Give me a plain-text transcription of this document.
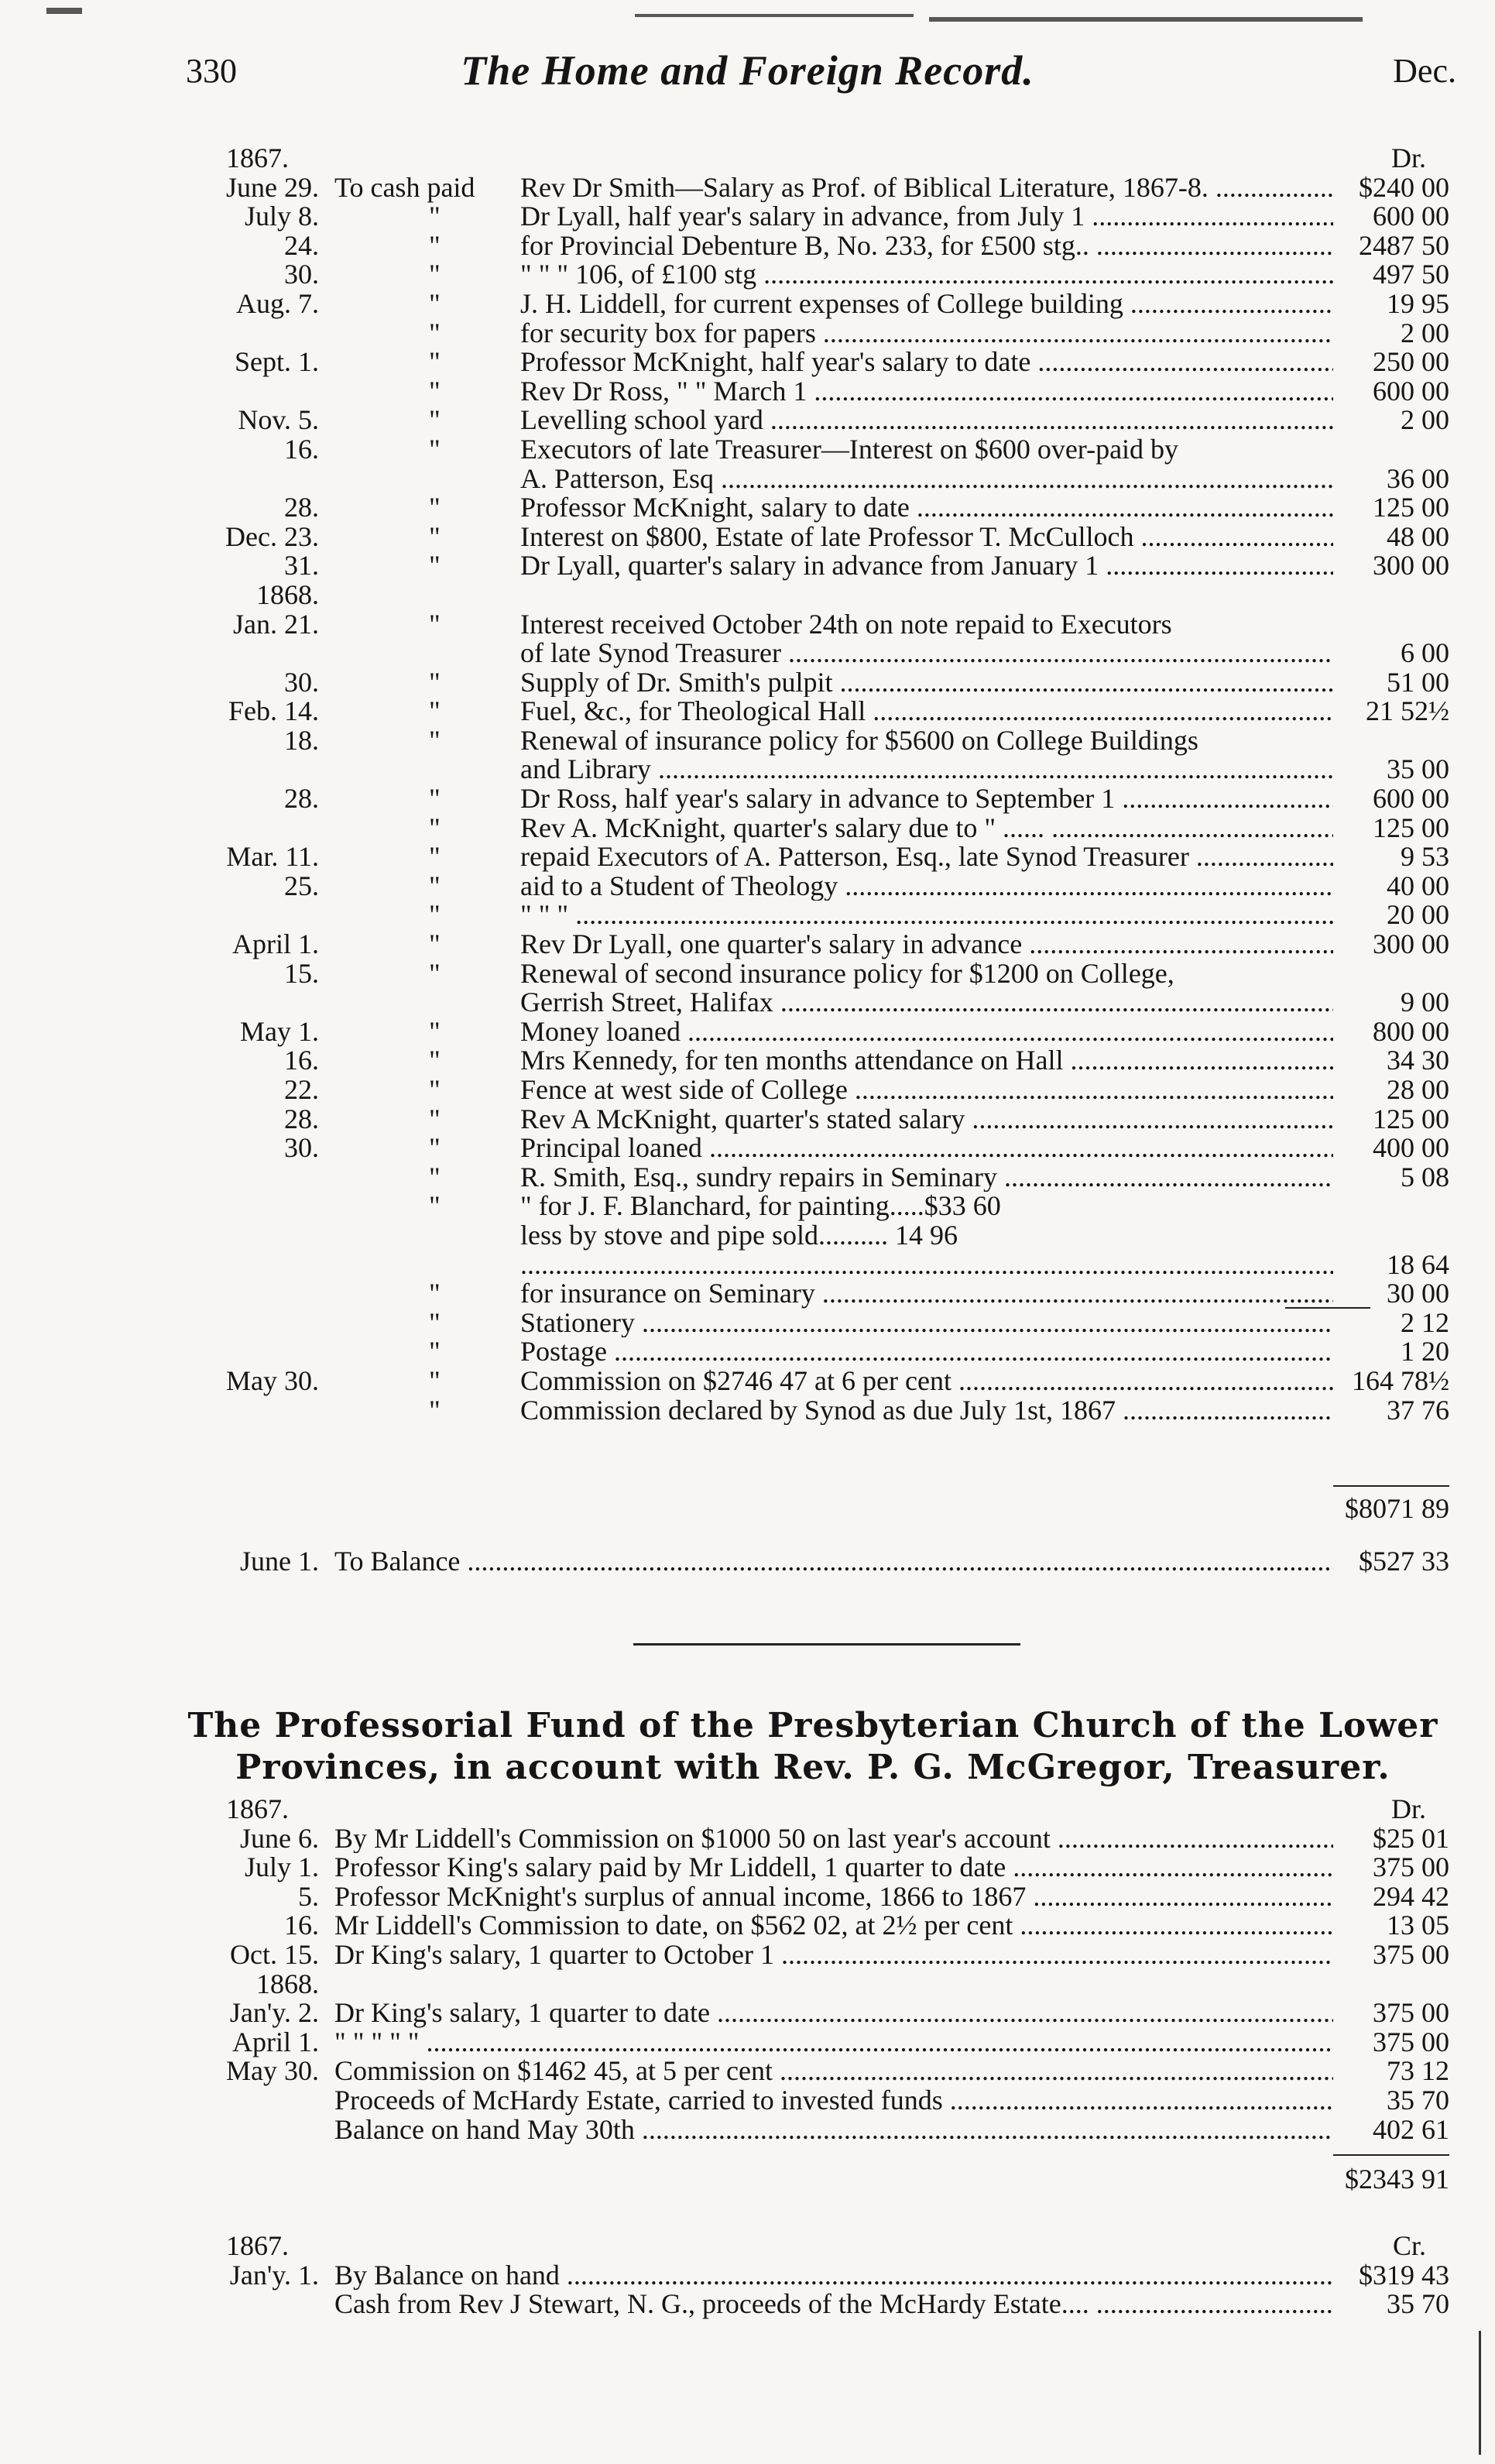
330	The Home and Foreign Record.	Dec.
1867.	Dr.
June 29. To cash paid Rev Dr Smith—Salary as Prof. of Biblical Literature, 1867-8. .....	$240 00
July 8.	"	Dr Lyall, half year's salary in advance, from July 1 .....	600 00
24.	"	for Provincial Debenture B, No. 233, for £500 stg.. .....	2487 50
30.	"	" " " 106, of £100 stg .....	497 50
Aug. 7.	"	J. H. Liddell, for current expenses of College building .....	19 95
"	for security box for papers .....	2 00
Sept. 1.	"	Professor McKnight, half year's salary to date .....	250 00
"	Rev Dr Ross, " " March 1 .....	600 00
Nov. 5.	"	Levelling school yard .....	2 00
16.	"	Executors of late Treasurer—Interest on $600 over-paid by
A. Patterson, Esq .....	36 00
28.	"	Professor McKnight, salary to date .....	125 00
Dec. 23.	"	Interest on $800, Estate of late Professor T. McCulloch .....	48 00
31.	"	Dr Lyall, quarter's salary in advance from January 1 .....	300 00
1868.
Jan. 21.	"	Interest received October 24th on note repaid to Executors
of late Synod Treasurer .....	6 00
30.	"	Supply of Dr. Smith's pulpit .....	51 00
Feb. 14.	"	Fuel, &c., for Theological Hall .....	21 52½
18.	"	Renewal of insurance policy for $5600 on College Buildings
and Library .....	35 00
28.	"	Dr Ross, half year's salary in advance to September 1 .....	600 00
"	Rev A. McKnight, quarter's salary due to " ...... .....	125 00
Mar. 11.	"	repaid Executors of A. Patterson, Esq., late Synod Treasurer .....	9 53
25.	"	aid to a Student of Theology .....	40 00
"	" " " .....	20 00
April 1.	"	Rev Dr Lyall, one quarter's salary in advance .....	300 00
15.	"	Renewal of second insurance policy for $1200 on College,
Gerrish Street, Halifax .....	9 00
May 1.	"	Money loaned .....	800 00
16.	"	Mrs Kennedy, for ten months attendance on Hall .....	34 30
22.	"	Fence at west side of College .....	28 00
28.	"	Rev A McKnight, quarter's stated salary .....	125 00
30.	"	Principal loaned .....	400 00
"	R. Smith, Esq., sundry repairs in Seminary .....	5 08
"	" for J. F. Blanchard, for painting.....$33 60
less by stove and pipe sold.......... 14 96
.....
18 64
"	for insurance on Seminary .....	30 00
"	Stationery .....	2 12
"	Postage .....	1 20
May 30.	"	Commission on $2746 47 at 6 per cent .....	164 78½
"	Commission declared by Synod as due July 1st, 1867 .....	37 76
$8071 89
June 1. To Balance .....	$527 33
The Professorial Fund of the Presbyterian Church of the Lower
Provinces, in account with Rev. P. G. McGregor, Treasurer.
1867.	Dr.
June 6. By Mr Liddell's Commission on $1000 50 on last year's account .....	$25 01
July 1. Professor King's salary paid by Mr Liddell, 1 quarter to date .....	375 00
5. Professor McKnight's surplus of annual income, 1866 to 1867 .....	294 42
16. Mr Liddell's Commission to date, on $562 02, at 2½ per cent .....	13 05
Oct. 15. Dr King's salary, 1 quarter to October 1 .....	375 00
1868.
Jan'y. 2. Dr King's salary, 1 quarter to date .....	375 00
April 1. " " " " " .....	375 00
May 30. Commission on $1462 45, at 5 per cent .....	73 12
Proceeds of McHardy Estate, carried to invested funds .....	35 70
Balance on hand May 30th .....	402 61
$2343 91
1867.	Cr.
Jan'y. 1. By Balance on hand .....	$319 43
Cash from Rev J Stewart, N. G., proceeds of the McHardy Estate.... .....	35 70
